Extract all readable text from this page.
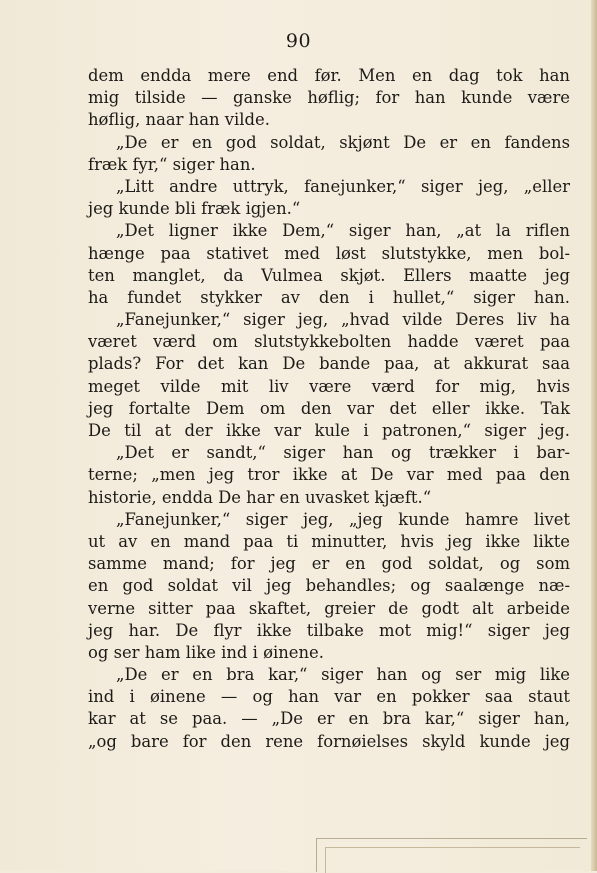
90
dem endda mere end før. Men en dag tok han
mig tilside — ganske høflig; for han kunde være
høflig, naar han vilde.
„De er en god soldat, skjønt De er en fandens
fræk fyr,“ siger han.
„Litt andre uttryk, fanejunker,“ siger jeg, „eller
jeg kunde bli fræk igjen.“
„Det ligner ikke Dem,“ siger han, „at la riflen
hænge paa stativet med løst slutstykke, men bol-
ten manglet, da Vulmea skjøt. Ellers maatte jeg
ha fundet stykker av den i hullet,“ siger han.
„Fanejunker,“ siger jeg, „hvad vilde Deres liv ha
været værd om slutstykkebolten hadde været paa
plads? For det kan De bande paa, at akkurat saa
meget vilde mit liv være værd for mig, hvis
jeg fortalte Dem om den var det eller ikke. Tak
De til at der ikke var kule i patronen,“ siger jeg.
„Det er sandt,“ siger han og trækker i bar-
terne; „men jeg tror ikke at De var med paa den
historie, endda De har en uvasket kjæft.“
„Fanejunker,“ siger jeg, „jeg kunde hamre livet
ut av en mand paa ti minutter, hvis jeg ikke likte
samme mand; for jeg er en god soldat, og som
en god soldat vil jeg behandles; og saalænge næ-
verne sitter paa skaftet, greier de godt alt arbeide
jeg har. De flyr ikke tilbake mot mig!“ siger jeg
og ser ham like ind i øinene.
„De er en bra kar,“ siger han og ser mig like
ind i øinene — og han var en pokker saa staut
kar at se paa. — „De er en bra kar,“ siger han,
„og bare for den rene fornøielses skyld kunde jeg
